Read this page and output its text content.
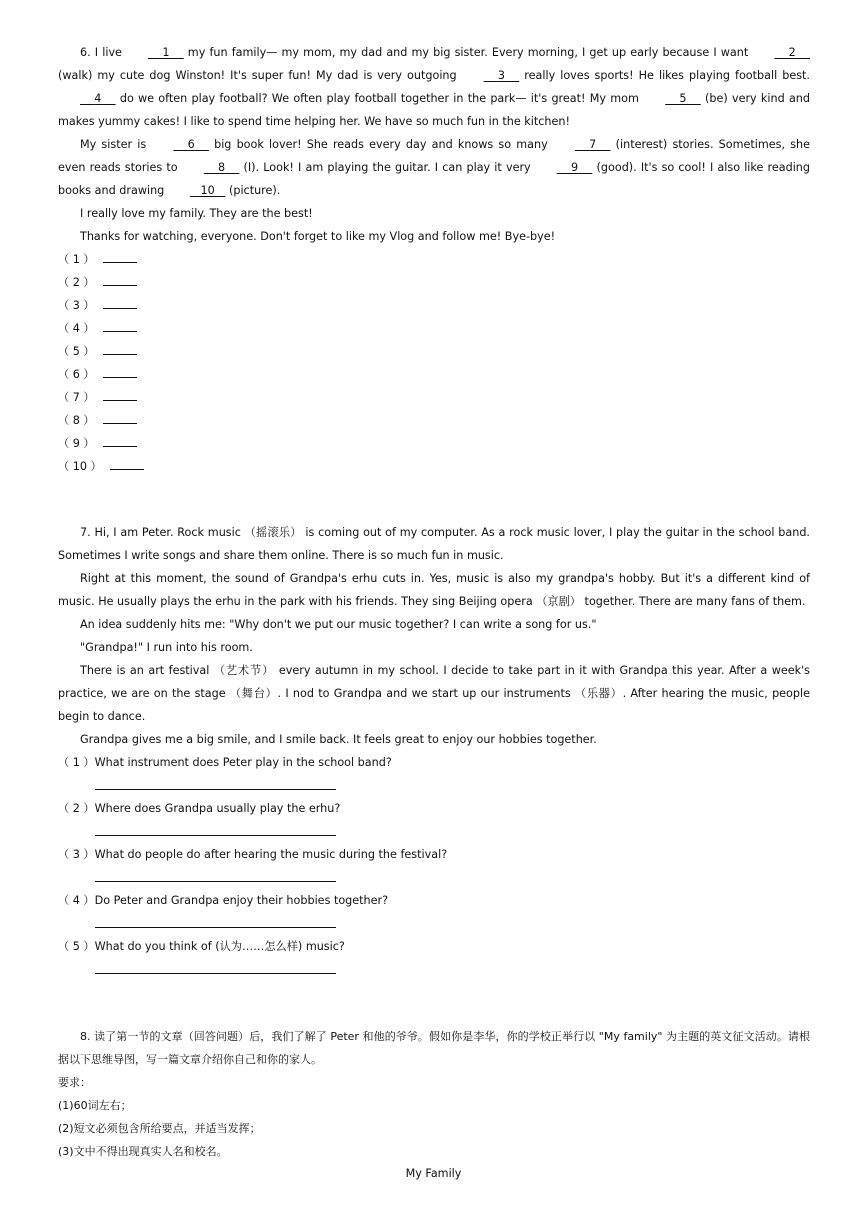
6. I live	1     my fun family— my mom, my dad and my big sister. Every morning, I get up early because I want	2     (walk) my cute dog Winston! It's super fun! My dad is very outgoing	3     really loves sports! He likes playing football best.     4     do we often play football? We often play football together in the park— it's great! My mom	5     (be) very kind and makes yummy cakes! I like to spend time helping her. We have so much fun in the kitchen!

My sister is	6     big book lover! She reads every day and knows so many	7     (interest) stories. Sometimes, she even reads stories to	8     (I). Look! I am playing the guitar. I can play it very	9     (good). It's so cool! I also like reading books and drawing	10    (picture).

I really love my family. They are the best!

Thanks for watching, everyone. Don't forget to like my Vlog and follow me! Bye-bye!

（ 1 ）
（ 2 ）
（ 3 ）
（ 4 ）
（ 5 ）
（ 6 ）
（ 7 ）
（ 8 ）
（ 9 ）
（ 10 ）

7. Hi, I am Peter. Rock music （摇滚乐） is coming out of my computer. As a rock music lover, I play the guitar in the school band. Sometimes I write songs and share them online. There is so much fun in music.

Right at this moment, the sound of Grandpa's erhu cuts in. Yes, music is also my grandpa's hobby. But it's a different kind of music. He usually plays the erhu in the park with his friends. They sing Beijing opera （京剧） together. There are many fans of them.

An idea suddenly hits me: "Why don't we put our music together? I can write a song for us."

"Grandpa!" I run into his room.

There is an art festival （艺术节） every autumn in my school. I decide to take part in it with Grandpa this year. After a week's practice, we are on the stage （舞台）. I nod to Grandpa and we start up our instruments （乐器）. After hearing the music, people begin to dance.

Grandpa gives me a big smile, and I smile back. It feels great to enjoy our hobbies together.

（ 1 ）What instrument does Peter play in the school band?
（ 2 ）Where does Grandpa usually play the erhu?
（ 3 ）What do people do after hearing the music during the festival?
（ 4 ）Do Peter and Grandpa enjoy their hobbies together?
（ 5 ）What do you think of (认为……怎么样) music?

8. 读了第一节的文章（回答问题）后，我们了解了 Peter 和他的爷爷。假如你是李华，你的学校正举行以 "My family" 为主题的英文征文活动。请根据以下思维导图，写一篇文章介绍你自己和你的家人。

要求：
(1)60词左右；
(2)短文必须包含所给要点，并适当发挥；
(3)文中不得出现真实人名和校名。
My Family
